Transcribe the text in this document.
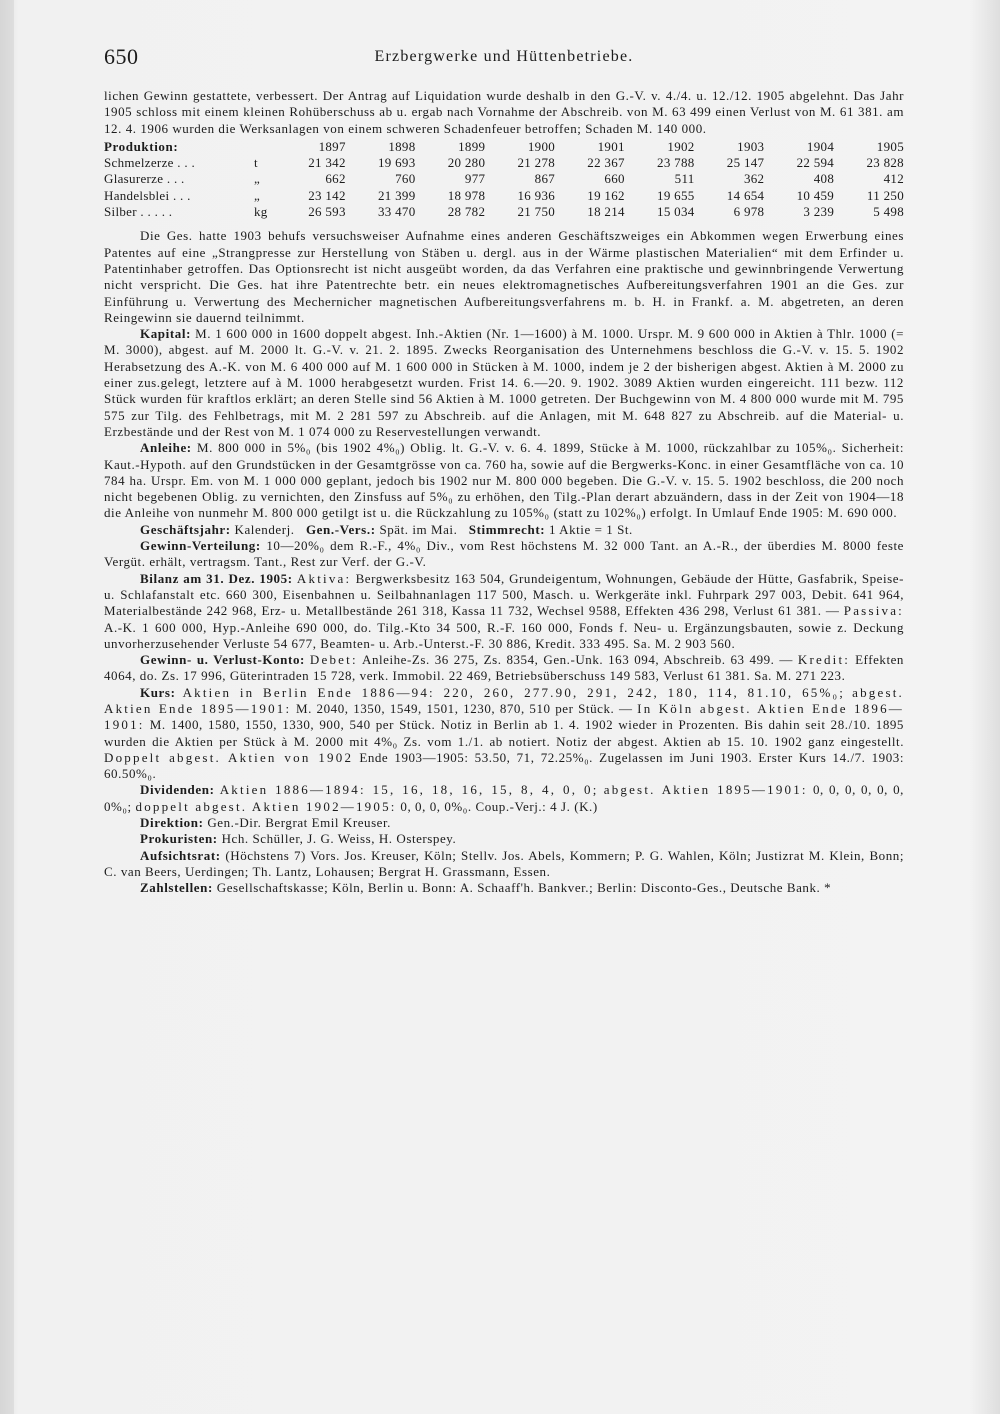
650	Erzbergwerke und Hüttenbetriebe.

lichen Gewinn gestattete, verbessert. Der Antrag auf Liquidation wurde deshalb in den G.-V. v. 4./4. u. 12./12. 1905 abgelehnt. Das Jahr 1905 schloss mit einem kleinen Rohüberschuss ab u. ergab nach Vornahme der Abschreib. von M. 63 499 einen Verlust von M. 61 381. am 12. 4. 1906 wurden die Werksanlagen von einem schweren Schadenfeuer betroffen; Schaden M. 140 000.

Produktion:		1897	1898	1899	1900	1901	1902	1903	1904	1905
Schmelzerze . . .	t	21 342	19 693	20 280	21 278	22 367	23 788	25 147	22 594	23 828
Glasurerze . . .	„	662	760	977	867	660	511	362	408	412
Handelsblei . . .	„	23 142	21 399	18 978	16 936	19 162	19 655	14 654	10 459	11 250
Silber . . . . .	kg	26 593	33 470	28 782	21 750	18 214	15 034	6 978	3 239	5 498

Die Ges. hatte 1903 behufs versuchsweiser Aufnahme eines anderen Geschäftszweiges ein Abkommen wegen Erwerbung eines Patentes auf eine „Strangpresse zur Herstellung von Stäben u. dergl. aus in der Wärme plastischen Materialien“ mit dem Erfinder u. Patentinhaber getroffen. Das Optionsrecht ist nicht ausgeübt worden, da das Verfahren eine praktische und gewinnbringende Verwertung nicht verspricht. Die Ges. hat ihre Patentrechte betr. ein neues elektromagnetisches Aufbereitungsverfahren 1901 an die Ges. zur Einführung u. Verwertung des Mechernicher magnetischen Aufbereitungsverfahrens m. b. H. in Frankf. a. M. abgetreten, an deren Reingewinn sie dauernd teilnimmt.

Kapital: M. 1 600 000 in 1600 doppelt abgest. Inh.-Aktien (Nr. 1—1600) à M. 1000. Urspr. M. 9 600 000 in Aktien à Thlr. 1000 (= M. 3000), abgest. auf M. 2000 lt. G.-V. v. 21. 2. 1895. Zwecks Reorganisation des Unternehmens beschloss die G.-V. v. 15. 5. 1902 Herabsetzung des A.-K. von M. 6 400 000 auf M. 1 600 000 in Stücken à M. 1000, indem je 2 der bisherigen abgest. Aktien à M. 2000 zu einer zus.gelegt, letztere auf à M. 1000 herabgesetzt wurden. Frist 14. 6.—20. 9. 1902. 3089 Aktien wurden eingereicht. 111 bezw. 112 Stück wurden für kraftlos erklärt; an deren Stelle sind 56 Aktien à M. 1000 getreten. Der Buchgewinn von M. 4 800 000 wurde mit M. 795 575 zur Tilg. des Fehlbetrags, mit M. 2 281 597 zu Abschreib. auf die Anlagen, mit M. 648 827 zu Abschreib. auf die Material- u. Erzbestände und der Rest von M. 1 074 000 zu Reservestellungen verwandt.

Anleihe: M. 800 000 in 5%₀ (bis 1902 4%₀) Oblig. lt. G.-V. v. 6. 4. 1899, Stücke à M. 1000, rückzahlbar zu 105%₀. Sicherheit: Kaut.-Hypoth. auf den Grundstücken in der Gesamtgrösse von ca. 760 ha, sowie auf die Bergwerks-Konc. in einer Gesamtfläche von ca. 10 784 ha. Urspr. Em. von M. 1 000 000 geplant, jedoch bis 1902 nur M. 800 000 begeben. Die G.-V. v. 15. 5. 1902 beschloss, die 200 noch nicht begebenen Oblig. zu vernichten, den Zinsfuss auf 5%₀ zu erhöhen, den Tilg.-Plan derart abzuändern, dass in der Zeit von 1904—18 die Anleihe von nunmehr M. 800 000 getilgt ist u. die Rückzahlung zu 105%₀ (statt zu 102%₀) erfolgt. In Umlauf Ende 1905: M. 690 000.

Geschäftsjahr: Kalenderj. Gen.-Vers.: Spät. im Mai. Stimmrecht: 1 Aktie = 1 St.

Gewinn-Verteilung: 10—20%₀ dem R.-F., 4%₀ Div., vom Rest höchstens M. 32 000 Tant. an A.-R., der überdies M. 8000 feste Vergüt. erhält, vertragsm. Tant., Rest zur Verf. der G.-V.

Bilanz am 31. Dez. 1905: Aktiva: Bergwerksbesitz 163 504, Grundeigentum, Wohnungen, Gebäude der Hütte, Gasfabrik, Speise- u. Schlafanstalt etc. 660 300, Eisenbahnen u. Seilbahnanlagen 117 500, Masch. u. Werkgeräte inkl. Fuhrpark 297 003, Debit. 641 964, Materialbestände 242 968, Erz- u. Metallbestände 261 318, Kassa 11 732, Wechsel 9588, Effekten 436 298, Verlust 61 381. — Passiva: A.-K. 1 600 000, Hyp.-Anleihe 690 000, do. Tilg.-Kto 34 500, R.-F. 160 000, Fonds f. Neu- u. Ergänzungsbauten, sowie z. Deckung unvorherzusehender Verluste 54 677, Beamten- u. Arb.-Unterst.-F. 30 886, Kredit. 333 495. Sa. M. 2 903 560.

Gewinn- u. Verlust-Konto: Debet: Anleihe-Zs. 36 275, Zs. 8354, Gen.-Unk. 163 094, Abschreib. 63 499. — Kredit: Effekten 4064, do. Zs. 17 996, Güterintraden 15 728, verk. Immobil. 22 469, Betriebsüberschuss 149 583, Verlust 61 381. Sa. M. 271 223.

Kurs: Aktien in Berlin Ende 1886—94: 220, 260, 277.90, 291, 242, 180, 114, 81.10, 65%₀; abgest. Aktien Ende 1895—1901: M. 2040, 1350, 1549, 1501, 1230, 870, 510 per Stück. — In Köln abgest. Aktien Ende 1896—1901: M. 1400, 1580, 1550, 1330, 900, 540 per Stück. Notiz in Berlin ab 1. 4. 1902 wieder in Prozenten. Bis dahin seit 28./10. 1895 wurden die Aktien per Stück à M. 2000 mit 4%₀ Zs. vom 1./1. ab notiert. Notiz der abgest. Aktien ab 15. 10. 1902 ganz eingestellt. Doppelt abgest. Aktien von 1902 Ende 1903—1905: 53.50, 71, 72.25%₀. Zugelassen im Juni 1903. Erster Kurs 14./7. 1903: 60.50%₀.

Dividenden: Aktien 1886—1894: 15, 16, 18, 16, 15, 8, 4, 0, 0; abgest. Aktien 1895—1901: 0, 0, 0, 0, 0, 0, 0%₀; doppelt abgest. Aktien 1902—1905: 0, 0, 0, 0%₀. Coup.-Verj.: 4 J. (K.)

Direktion: Gen.-Dir. Bergrat Emil Kreuser.

Prokuristen: Hch. Schüller, J. G. Weiss, H. Osterspey.

Aufsichtsrat: (Höchstens 7) Vors. Jos. Kreuser, Köln; Stellv. Jos. Abels, Kommern; P. G. Wahlen, Köln; Justizrat M. Klein, Bonn; C. van Beers, Uerdingen; Th. Lantz, Lohausen; Bergrat H. Grassmann, Essen.

Zahlstellen: Gesellschaftskasse; Köln, Berlin u. Bonn: A. Schaaff'h. Bankver.; Berlin: Disconto-Ges., Deutsche Bank. *
